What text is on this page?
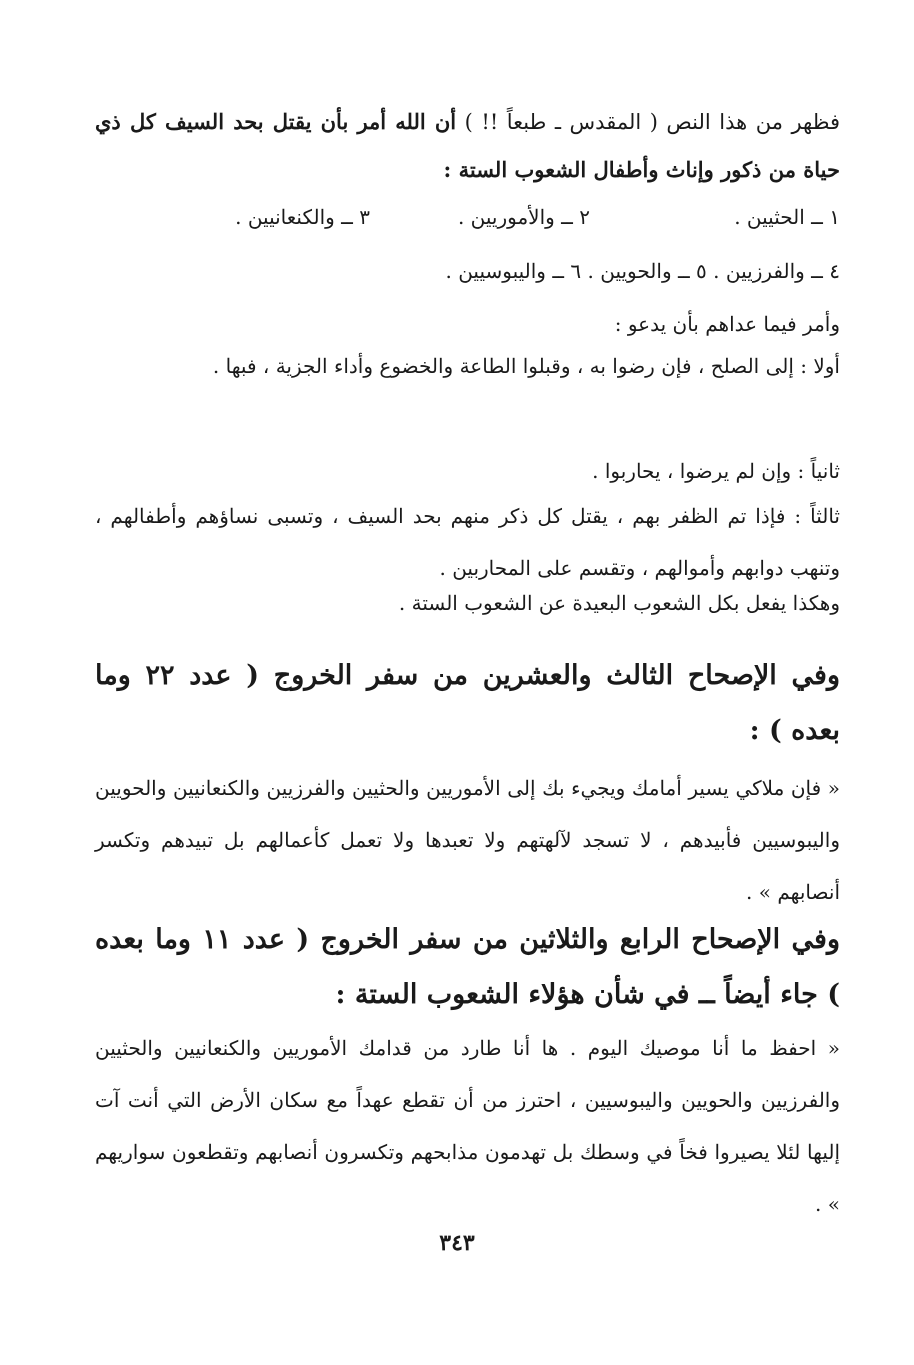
فظهر من هذا النص ( المقدس ـ طبعاً !! ) أن الله أمر بأن يقتل بحد السيف كل ذي حياة من ذكور وإناث وأطفال الشعوب الستة :

١ ــ الحثيين .٢ ــ والأموريين .٣ ــ والكنعانيين .
٤ ــ والفرزيين . ٥ ــ والحويين . ٦ ــ واليبوسيين .

وأمر فيما عداهم بأن يدعو :

أولا : إلى الصلح ، فإن رضوا به ، وقبلوا الطاعة والخضوع وأداء الجزية ، فبها .

ثانياً : وإن لم يرضوا ، يحاربوا .

ثالثاً : فإذا تم الظفر بهم ، يقتل كل ذكر منهم بحد السيف ، وتسبى نساؤهم وأطفالهم ، وتنهب دوابهم وأموالهم ، وتقسم على المحاربين .

وهكذا يفعل بكل الشعوب البعيدة عن الشعوب الستة .

وفي الإصحاح الثالث والعشرين من سفر الخروج ( عدد ٢٢ وما بعده ) :

« فإن ملاكي يسير أمامك ويجيء بك إلى الأموريين والحثيين والفرزيين والكنعانيين والحويين واليبوسيين فأبيدهم ، لا تسجد لآلهتهم ولا تعبدها ولا تعمل كأعمالهم بل تبيدهم وتكسر أنصابهم » .

وفي الإصحاح الرابع والثلاثين من سفر الخروج ( عدد ١١ وما بعده ) جاء أيضاً ــ في شأن هؤلاء الشعوب الستة :

« احفظ ما أنا موصيك اليوم . ها أنا طارد من قدامك الأموريين والكنعانيين والحثيين والفرزيين والحويين واليبوسيين ، احترز من أن تقطع عهداً مع سكان الأرض التي أنت آت إليها لئلا يصيروا فخاً في وسطك بل تهدمون مذابحهم وتكسرون أنصابهم وتقطعون سواريهم » .

٣٤٣
